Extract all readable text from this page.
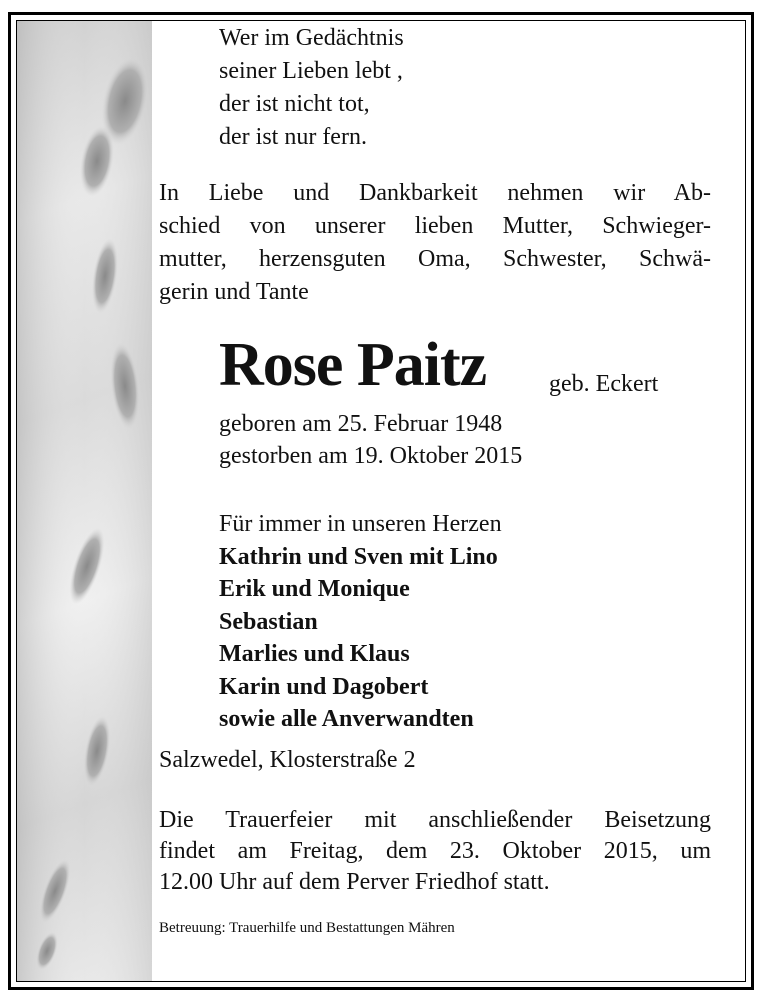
Wer im Gedächtnis
seiner Lieben lebt ,
der ist nicht tot,
der ist nur fern.
In Liebe und Dankbarkeit nehmen wir Ab-
schied von unserer lieben Mutter, Schwieger-
mutter, herzensguten Oma, Schwester, Schwä-
gerin und Tante
Rose Paitz	geb. Eckert
geboren am 25. Februar 1948
gestorben am 19. Oktober 2015
Für immer in unseren Herzen
Kathrin und Sven mit Lino
Erik und Monique
Sebastian
Marlies und Klaus
Karin und Dagobert
sowie alle Anverwandten
Salzwedel, Klosterstraße 2
Die Trauerfeier mit anschließender Beisetzung
findet am Freitag, dem 23. Oktober 2015, um
12.00 Uhr auf dem Perver Friedhof statt.
Betreuung: Trauerhilfe und Bestattungen Mähren
